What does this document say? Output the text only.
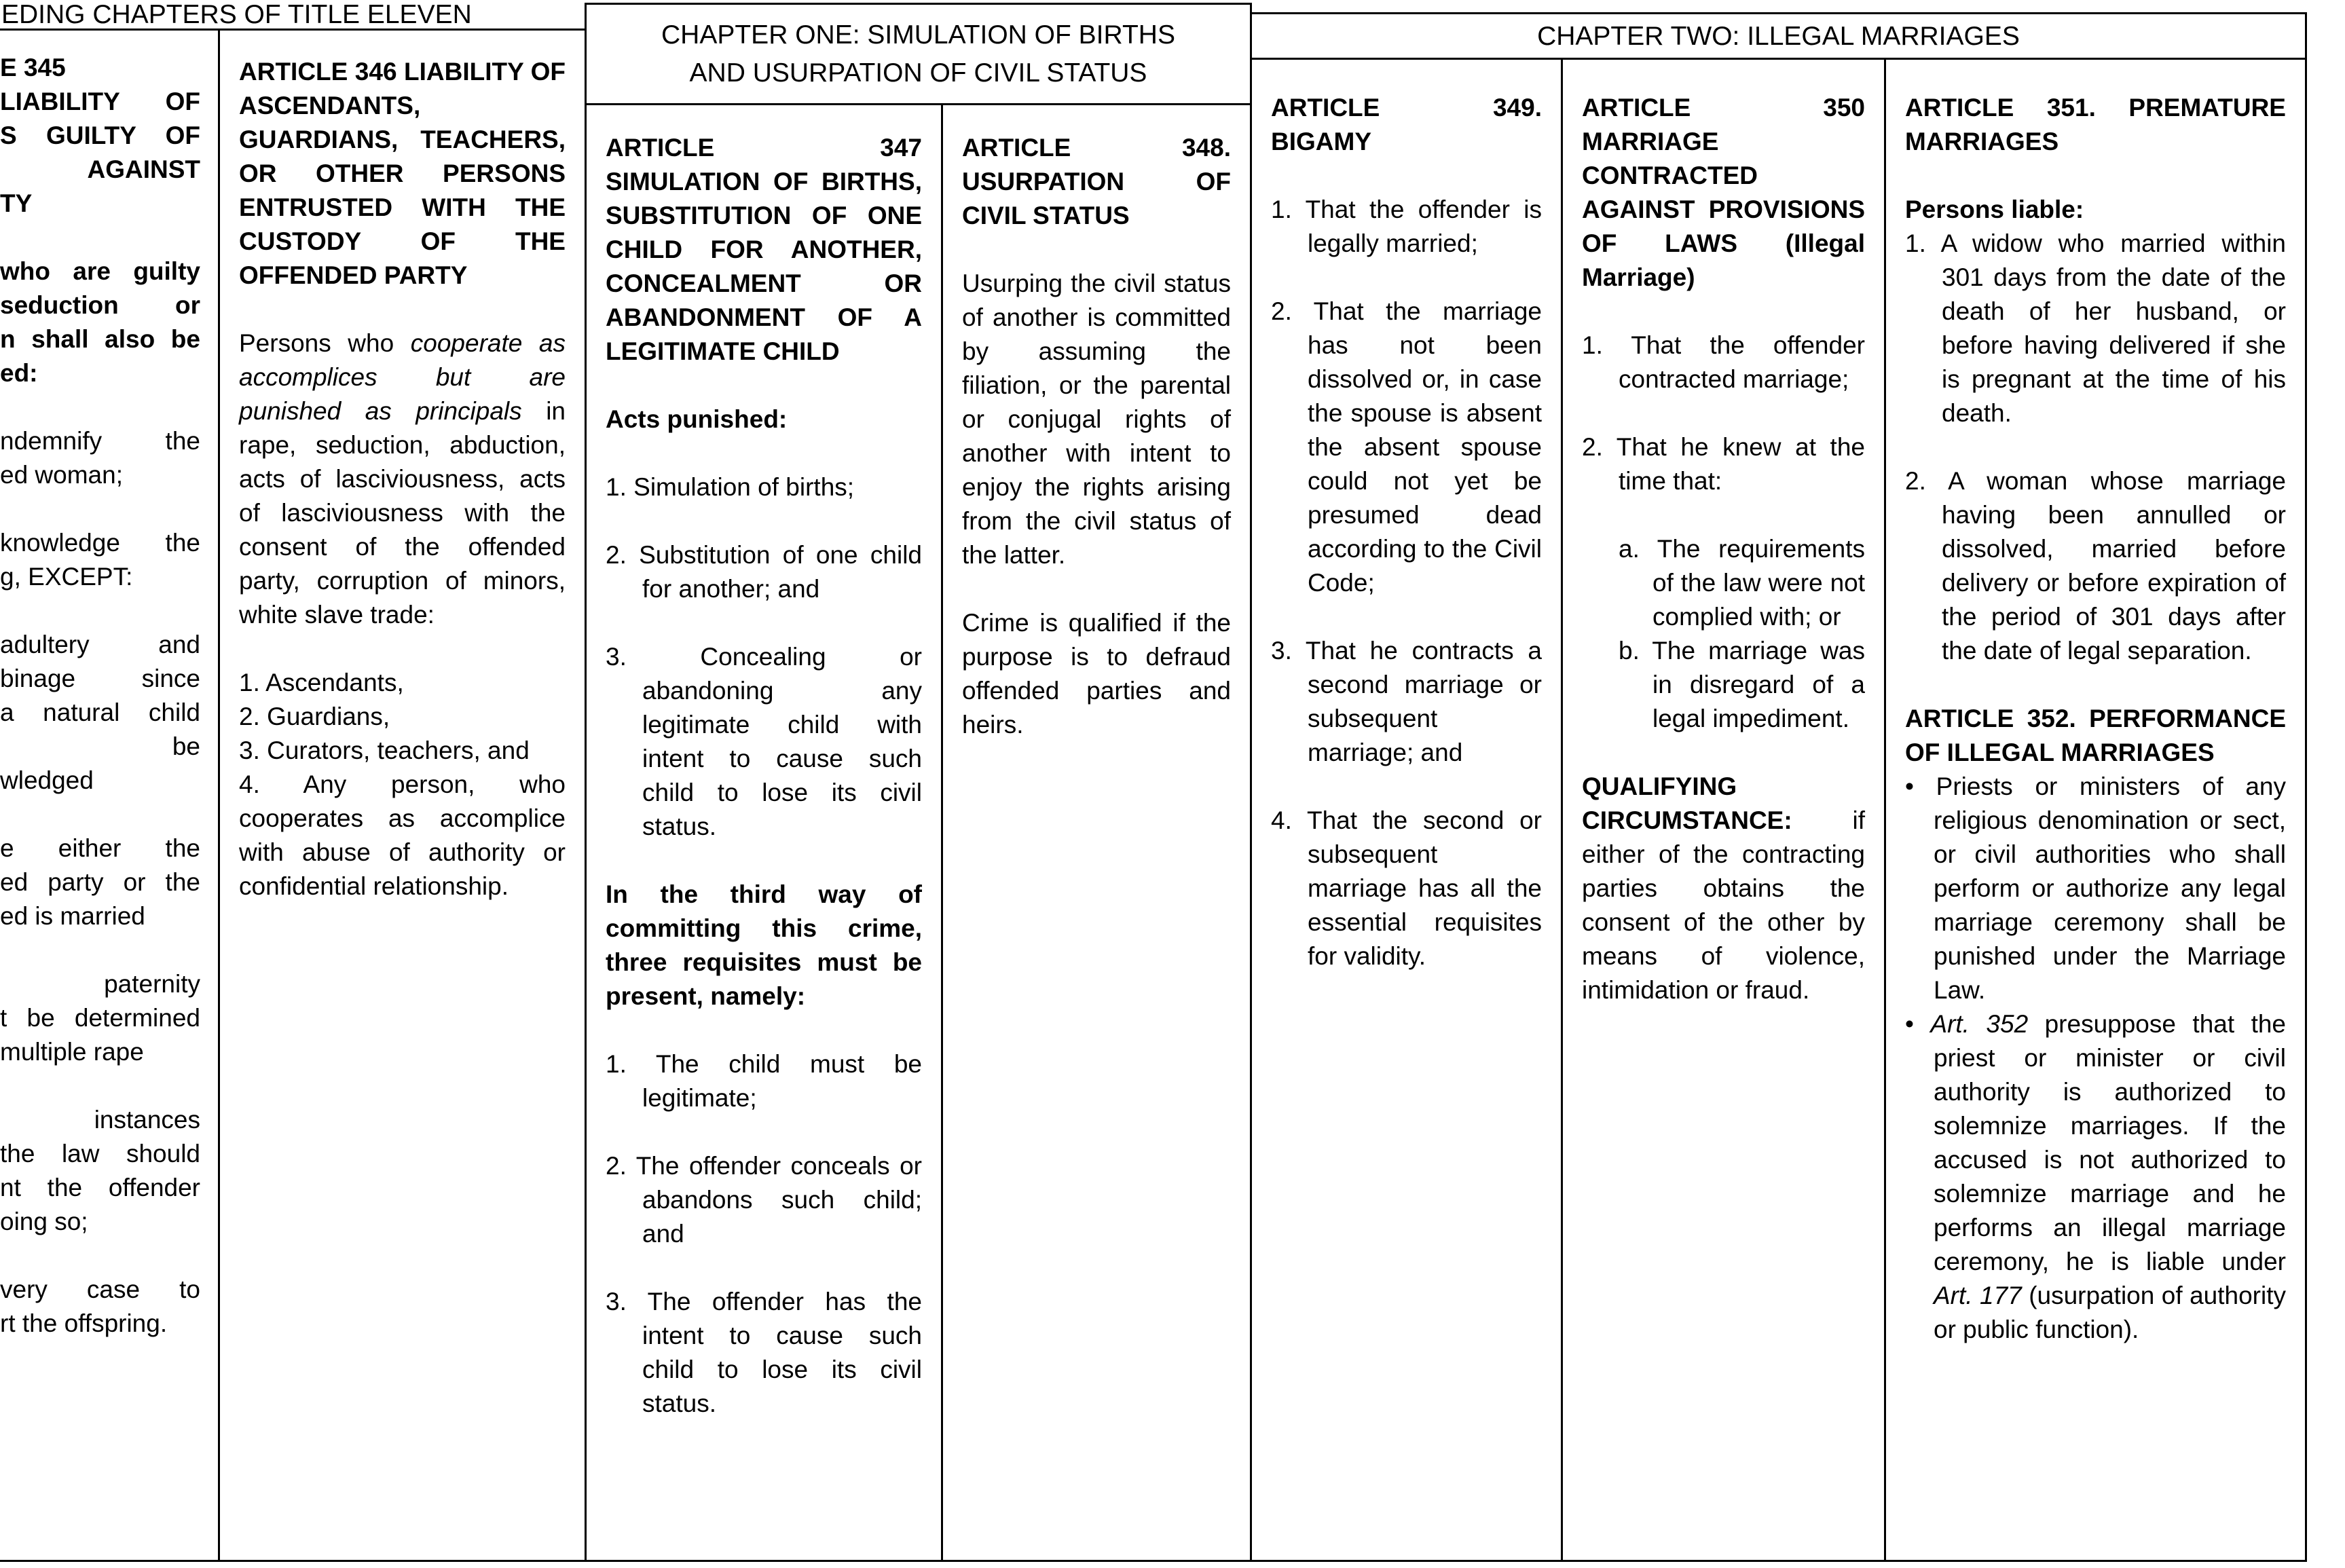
EDING CHAPTERS OF TITLE ELEVEN
E 345
LIABILITY OF
S GUILTY OF
AGAINST
TY
who are guilty
seduction or
n shall also be
ed:
ndemnify the
ed woman;
knowledge the
g, EXCEPT:
adultery and
binage since
a natural child
be
wledged
e either the
ed party or the
ed is married
paternity
t be determined
multiple rape
instances
the law should
nt the offender
oing so;
very case to
rt the offspring.
ARTICLE 346 LIABILITY OF ASCENDANTS, GUARDIANS, TEACHERS, OR OTHER PERSONS ENTRUSTED WITH THE CUSTODY OF THE OFFENDED PARTY
Persons who cooperate as accomplices but are punished as principals in rape, seduction, abduction, acts of lasciviousness, acts of lasciviousness with the consent of the offended party, corruption of minors, white slave trade:
1. Ascendants,
2. Guardians,
3. Curators, teachers, and
4. Any person, who cooperates as accomplice with abuse of authority or confidential relationship.
CHAPTER ONE: SIMULATION OF BIRTHS
AND USURPATION OF CIVIL STATUS
ARTICLE 347 SIMULATION OF BIRTHS, SUBSTITUTION OF ONE CHILD FOR ANOTHER, CONCEALMENT OR ABANDONMENT OF A LEGITIMATE CHILD
Acts punished:
1. Simulation of births;
2. Substitution of one child for another; and
3. Concealing or abandoning any legitimate child with intent to cause such child to lose its civil status.
In the third way of committing this crime, three requisites must be present, namely:
1. The child must be legitimate;
2. The offender conceals or abandons such child; and
3. The offender has the intent to cause such child to lose its civil status.
ARTICLE 348. USURPATION OF CIVIL STATUS
Usurping the civil status of another is committed by assuming the filiation, or the parental or conjugal rights of another with intent to enjoy the rights arising from the civil status of the latter.
Crime is qualified if the purpose is to defraud offended parties and heirs.
CHAPTER TWO: ILLEGAL MARRIAGES
ARTICLE 349. BIGAMY
1. That the offender is legally married;
2. That the marriage has not been dissolved or, in case the spouse is absent the absent spouse could not yet be presumed dead according to the Civil Code;
3. That he contracts a second marriage or subsequent marriage; and
4. That the second or subsequent marriage has all the essential requisites for validity.
ARTICLE 350 MARRIAGE CONTRACTED AGAINST PROVISIONS OF LAWS (Illegal Marriage)
1. That the offender contracted marriage;
2. That he knew at the time that:
a. The requirements of the law were not complied with; or
b. The marriage was in disregard of a legal impediment.
QUALIFYING CIRCUMSTANCE: if either of the contracting parties obtains the consent of the other by means of violence, intimidation or fraud.
ARTICLE 351. PREMATURE MARRIAGES
Persons liable:
1. A widow who married within 301 days from the date of the death of her husband, or before having delivered if she is pregnant at the time of his death.
2. A woman whose marriage having been annulled or dissolved, married before delivery or before expiration of the period of 301 days after the date of legal separation.
ARTICLE 352. PERFORMANCE OF ILLEGAL MARRIAGES
• Priests or ministers of any religious denomination or sect, or civil authorities who shall perform or authorize any legal marriage ceremony shall be punished under the Marriage Law.
• Art. 352 presuppose that the priest or minister or civil authority is authorized to solemnize marriages. If the accused is not authorized to solemnize marriage and he performs an illegal marriage ceremony, he is liable under Art. 177 (usurpation of authority or public function).
